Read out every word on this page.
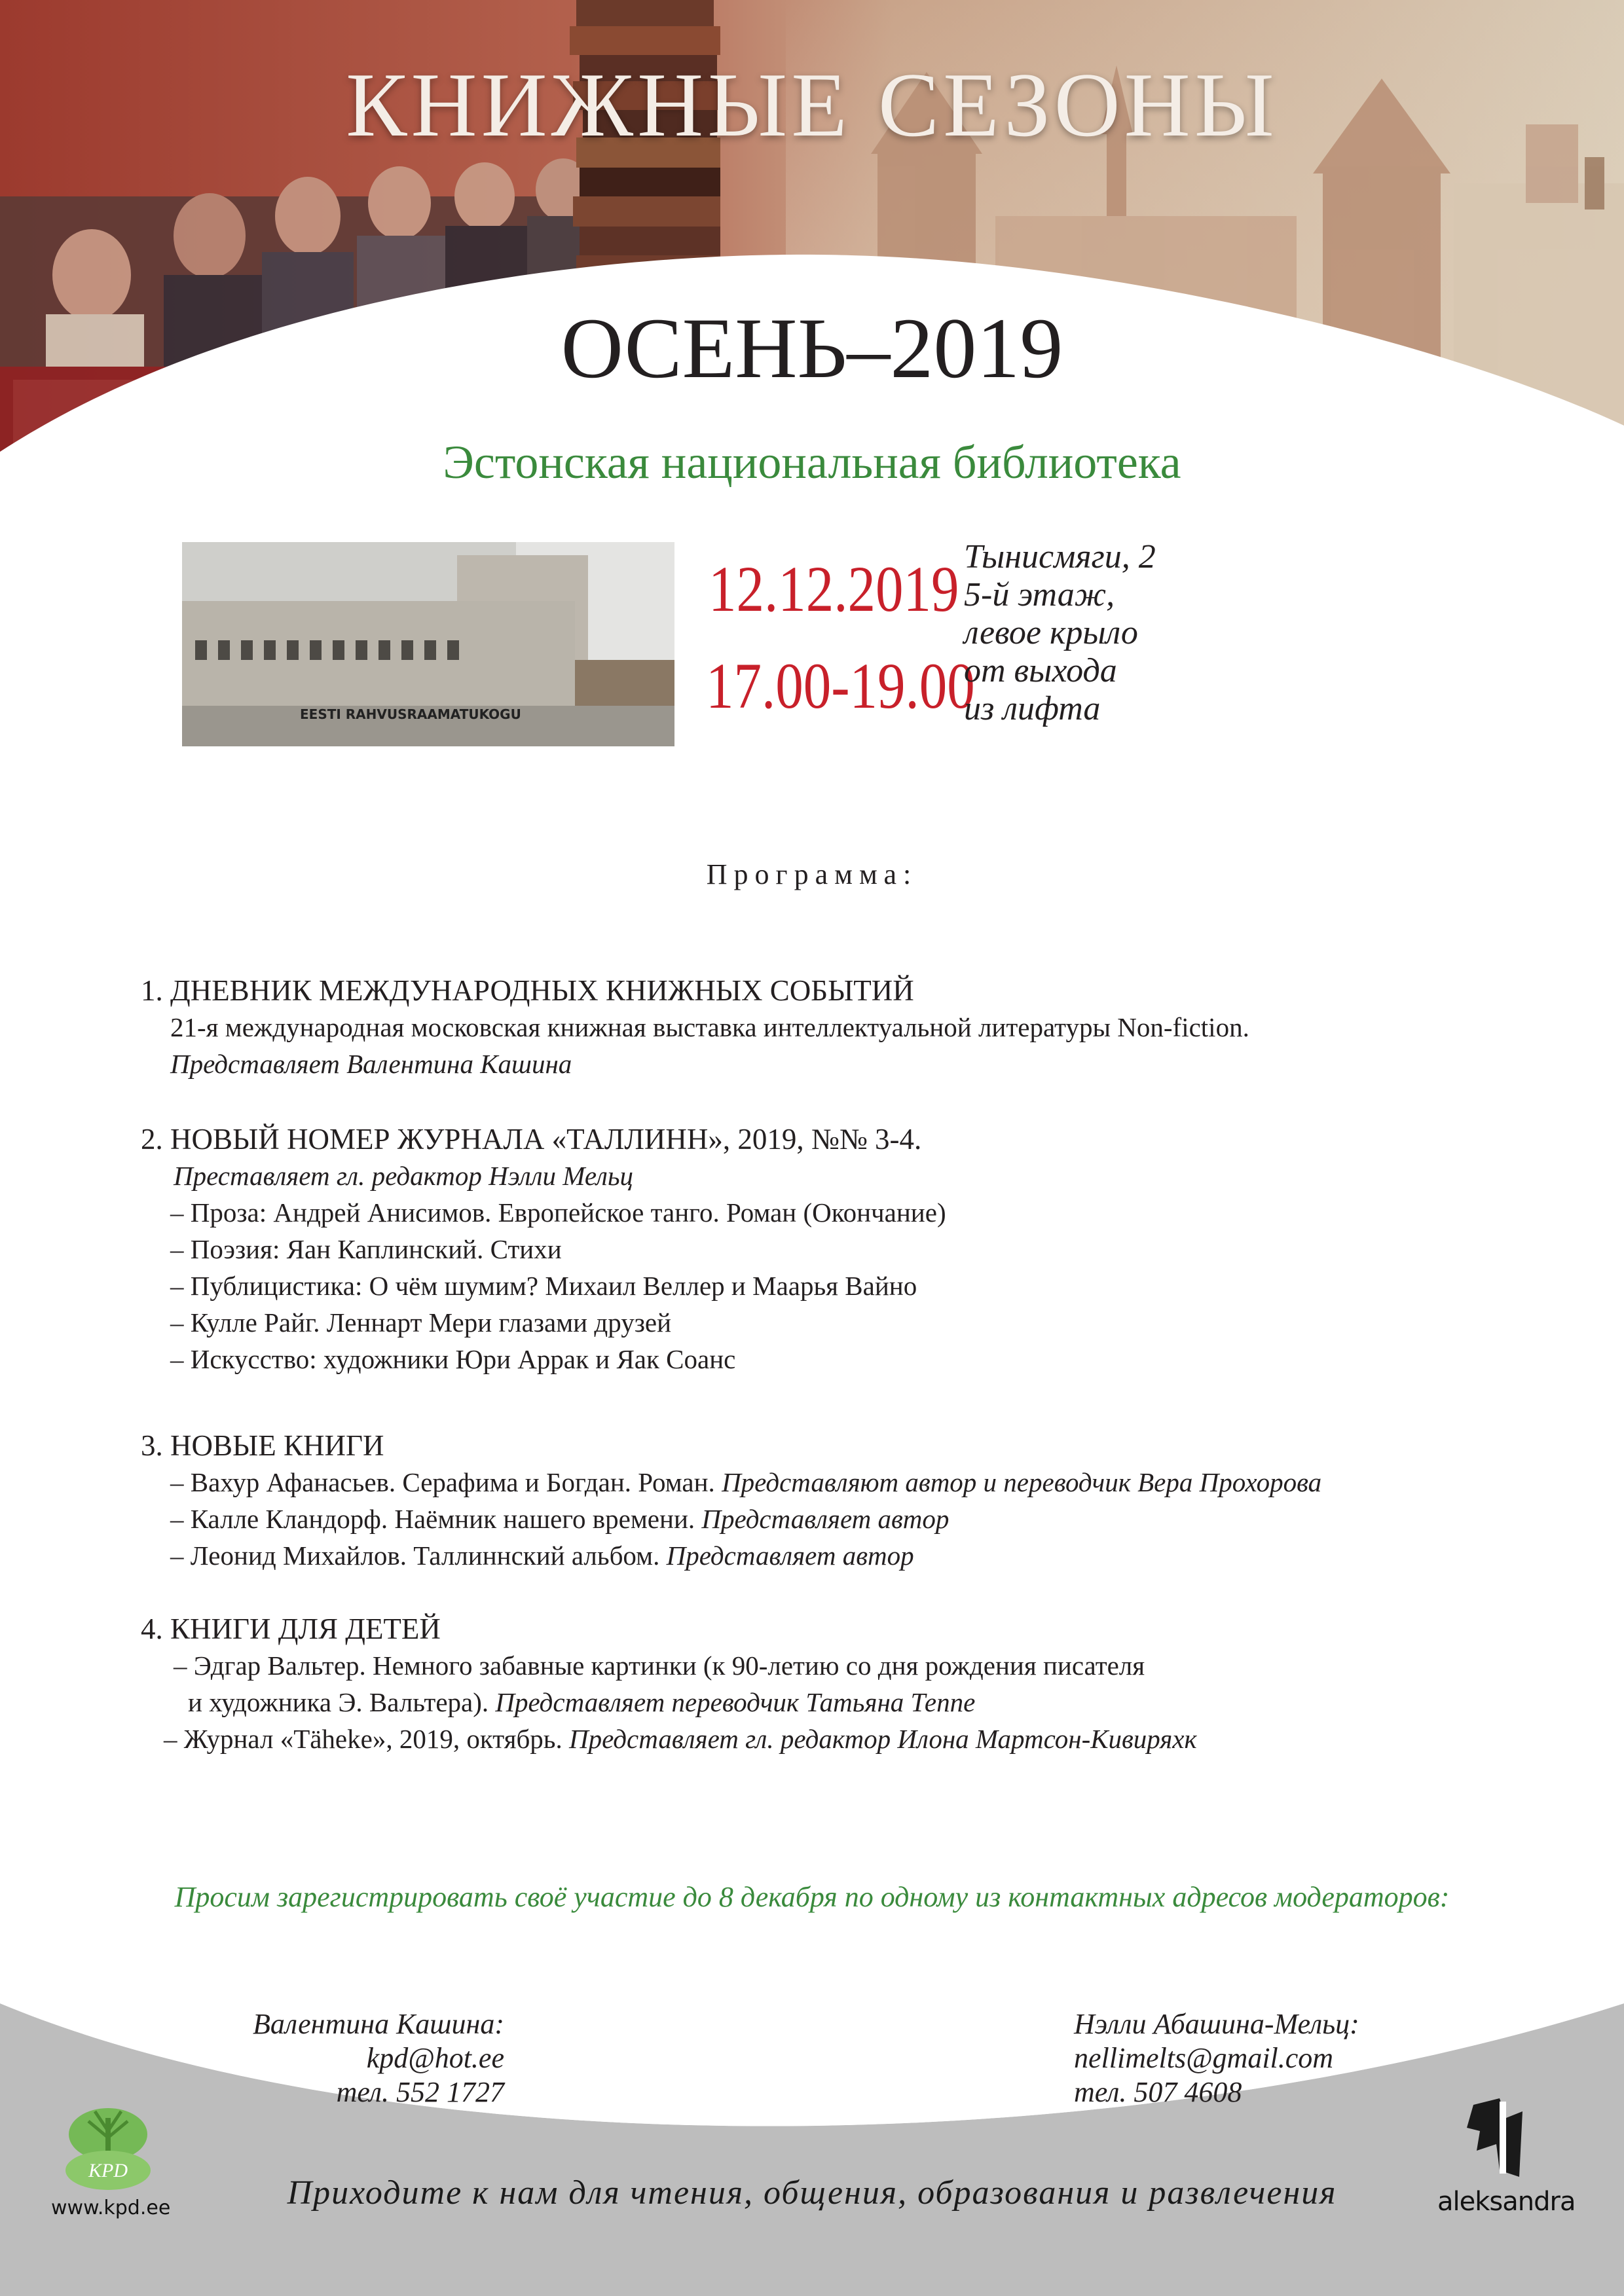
КНИЖНЫЕ СЕЗОНЫ
ОСЕНЬ–2019
Эстонская национальная библиотека
EESTI RAHVUSRAAMATUKOGU
12.12.2019
17.00-19.00
Тынисмяги, 2
5-й этаж,
левое крыло
от выхода
из лифта
Программа:
1. ДНЕВНИК МЕЖДУНАРОДНЫХ КНИЖНЫХ СОБЫТИЙ
21-я международная московская книжная выставка интеллектуальной литературы Non-fiction.
Представляет Валентина Кашина
2. НОВЫЙ НОМЕР ЖУРНАЛА «ТАЛЛИНН», 2019, №№ 3-4.
Преставляет гл. редактор Нэлли Мельц
– Проза: Андрей Анисимов. Европейское танго. Роман (Окончание)
– Поэзия: Яан Каплинский. Стихи
– Публицистика: О чём шумим? Михаил Веллер и Маарья Вайно
– Кулле Райг. Леннарт Мери глазами друзей
– Искусство: художники Юри Аррак и Яак Соанс
3. НОВЫЕ КНИГИ
– Вахур Афанасьев. Серафима и Богдан. Роман. Представляют автор и переводчик Вера Прохорова
– Калле Кландорф. Наёмник нашего времени. Представляет автор
– Леонид Михайлов. Таллиннский альбом. Представляет автор
4. КНИГИ ДЛЯ ДЕТЕЙ
– Эдгар Вальтер. Немного забавные картинки (к 90-летию со дня рождения писателя
и художника Э. Вальтера). Представляет переводчик Татьяна Теппе
– Журнал «Täheke», 2019, октябрь. Представляет гл. редактор Илона Мартсон-Кивиряхк
Просим зарегистрировать своё участие до 8 декабря по одному из контактных адресов модераторов:
Валентина Кашина:
kpd@hot.ee
тел. 552 1727
Нэлли Абашина-Мельц:
nellimelts@gmail.com
тел. 507 4608
KPD
www.kpd.ee	Приходите к нам для чтения, общения, образования и развлечения	aleksandra
